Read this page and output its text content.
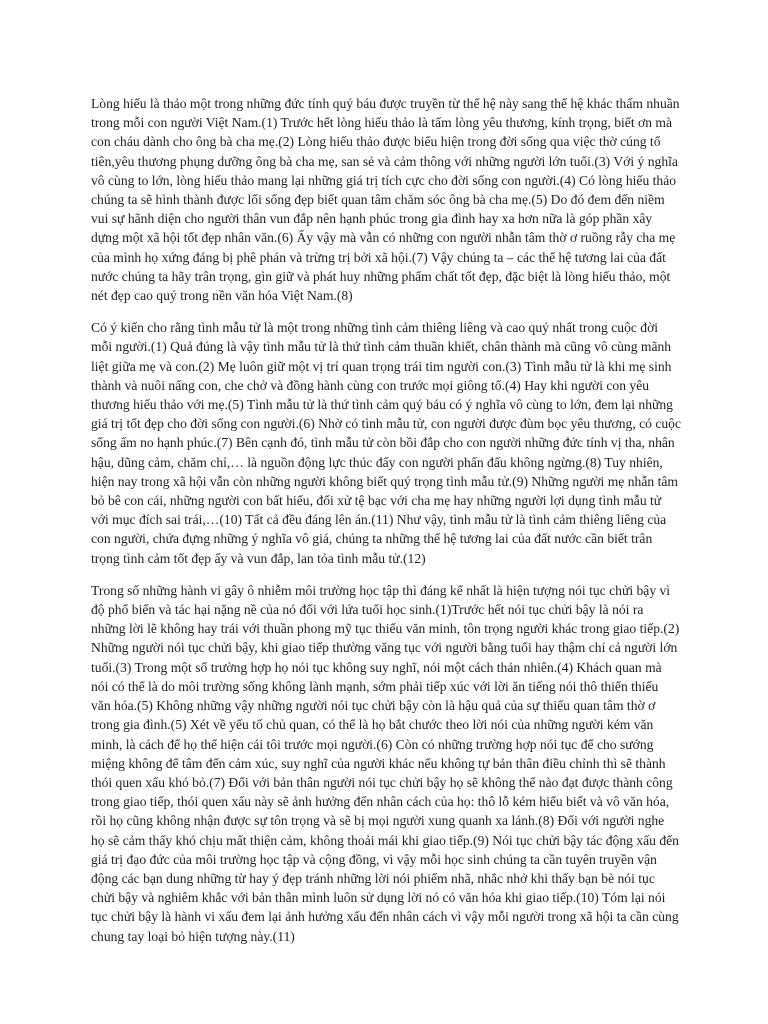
Lòng hiếu là thảo một trong những đức tính quý báu được truyền từ thế hệ này sang thế hệ khác thấm nhuần trong mỗi con người Việt Nam.(1) Trước hết lòng hiếu thảo là tấm lòng yêu thương, kính trọng, biết ơn mà con cháu dành cho ông bà cha mẹ.(2) Lòng hiếu thảo được biểu hiện trong đời sống qua việc thờ cúng tổ tiên,yêu thương phụng dưỡng ông bà cha mẹ, san sẻ và cảm thông với những người lớn tuổi.(3) Với ý nghĩa vô cùng to lớn, lòng hiếu thảo mang lại những giá trị tích cực cho đời sống con người.(4) Có lòng hiếu thảo chúng ta sẽ hình thành được lối sống đẹp biết quan tâm chăm sóc ông bà cha mẹ.(5) Do đó đem đến niềm vui sự hãnh diện cho người thân vun đắp nên hạnh phúc trong gia đình hay xa hơn nữa là góp phần xây dựng một xã hội tốt đẹp nhân văn.(6) Ấy vậy mà vẫn có những con người nhẫn tâm thờ ơ ruồng rẫy cha mẹ của mình họ xứng đáng bị phê phán và trừng trị bởi xã hội.(7) Vậy chúng ta – các thế hệ tương lai của đất nước chúng ta hãy trân trọng, gìn giữ và phát huy những phẩm chất tốt đẹp, đặc biệt là lòng hiếu thảo, một nét đẹp cao quý trong nền văn hóa Việt Nam.(8)

Có ý kiến cho rằng tình mẫu tử là một trong những tình cảm thiêng liêng và cao quý nhất trong cuộc đời mỗi người.(1) Quả đúng là vậy tình mẫu tử là thứ tình cảm thuần khiết, chân thành mà cũng vô cùng mãnh liệt giữa mẹ và con.(2) Mẹ luôn giữ một vị trí quan trọng trái tim người con.(3) Tình mẫu tử là khi mẹ sinh thành và nuôi nấng con, che chở và đồng hành cùng con trước mọi giông tố.(4) Hay khi người con yêu thương hiếu thảo với mẹ.(5) Tình mẫu tử là thứ tình cảm quý báu có ý nghĩa vô cùng to lớn, đem lại những giá trị tốt đẹp cho đời sống con người.(6) Nhờ có tình mẫu tử, con người được đùm bọc yêu thương, có cuộc sống ấm no hạnh phúc.(7) Bên cạnh đó, tình mẫu tử còn bồi đắp cho con người những đức tính vị tha, nhân hậu, dũng cảm, chăm chỉ,… là nguồn động lực thúc đẩy con người phấn đấu không ngừng.(8) Tuy nhiên, hiện nay trong xã hội vẫn còn những người không biết quý trọng tình mẫu tử.(9) Những người mẹ nhẫn tâm bỏ bê con cái, những người con bất hiếu, đối xử tệ bạc với cha mẹ hay những người lợi dụng tình mẫu tử với mục đích sai trái,…(10) Tất cả đều đáng lên án.(11) Như vậy, tình mẫu tử là tình cảm thiêng liêng của con người, chứa đựng những ý nghĩa vô giá, chúng ta những thế hệ tương lai của đất nước cần biết trân trọng tình cảm tốt đẹp ấy và vun đắp, lan tỏa tình mẫu tử.(12)

Trong số những hành vi gây ô nhiễm môi trường học tập thì đáng kể nhất là hiện tượng nói tục chửi bậy vì độ phổ biến và tác hại nặng nề của nó đối với lứa tuổi học sinh.(1)Trước hết nói tục chửi bậy là nói ra những lời lẽ không hay trái với thuần phong mỹ tục thiếu văn minh, tôn trọng người khác trong giao tiếp.(2) Những người nói tục chửi bậy, khi giao tiếp thường văng tục với người bằng tuổi hay thậm chí cả người lớn tuổi.(3) Trong một số trường hợp họ nói tục không suy nghĩ, nói một cách thản nhiên.(4) Khách quan mà nói có thể là do môi trường sống không lành mạnh, sớm phải tiếp xúc với lời ăn tiếng nói thô thiển thiếu văn hóa.(5) Không những vậy những người nói tục chửi bậy còn là hậu quả của sự thiếu quan tâm thờ ơ trong gia đình.(5) Xét về yếu tố chủ quan, có thể là họ bắt chước theo lời nói của những người kém văn minh, là cách để họ thể hiện cái tôi trước mọi người.(6) Còn có những trường hợp nói tục để cho sướng miệng không để tâm đến cảm xúc, suy nghĩ của người khác nếu không tự bản thân điều chỉnh thì sẽ thành thói quen xấu khó bỏ.(7) Đối với bản thân người nói tục chửi bậy họ sẽ không thể nào đạt được thành công trong giao tiếp, thói quen xấu này sẽ ảnh hưởng đến nhân cách của họ: thô lỗ kém hiểu biết và vô văn hóa, rồi họ cũng không nhận được sự tôn trọng và sẽ bị mọi người xung quanh xa lánh.(8) Đối với người nghe họ sẽ cảm thấy khó chịu mất thiện cảm, không thoải mái khi giao tiếp.(9) Nói tục chửi bậy tác động xấu đến giá trị đạo đức của môi trường học tập và cộng đồng, vì vậy mỗi học sinh chúng ta cần tuyên truyền vận động các bạn dung những từ hay ý đẹp tránh những lời nói phiếm nhã, nhắc nhở khi thấy bạn bè nói tục chửi bậy và nghiêm khắc với bản thân mình luôn sử dụng lời nó có văn hóa khi giao tiếp.(10) Tóm lại nói tục chửi bậy là hành vi xấu đem lại ảnh hưởng xấu đến nhân cách vì vậy mỗi người trong xã hội ta cần cùng chung tay loại bỏ hiện tượng này.(11)
